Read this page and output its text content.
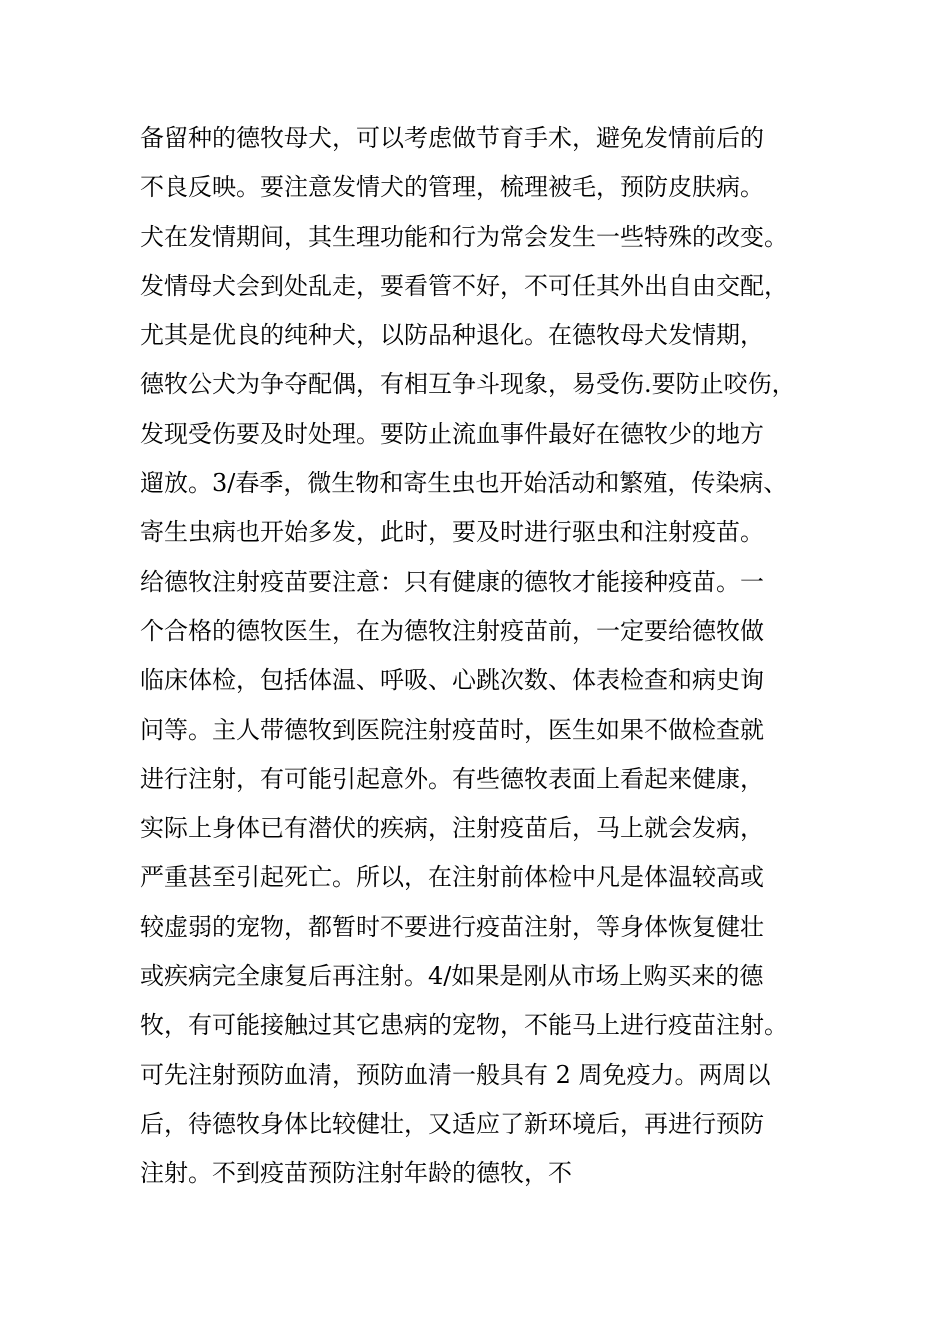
备留种的德牧母犬，可以考虑做节育手术，避免发情前后的
不良反映。要注意发情犬的管理，梳理被毛，预防皮肤病。
犬在发情期间，其生理功能和行为常会发生一些特殊的改变。
发情母犬会到处乱走，要看管不好，不可任其外出自由交配，
尤其是优良的纯种犬，以防品种退化。在德牧母犬发情期，
德牧公犬为争夺配偶，有相互争斗现象，易受伤.要防止咬伤，
发现受伤要及时处理。要防止流血事件最好在德牧少的地方
遛放。3/春季，微生物和寄生虫也开始活动和繁殖，传染病、
寄生虫病也开始多发，此时，要及时进行驱虫和注射疫苗。
给德牧注射疫苗要注意：只有健康的德牧才能接种疫苗。一
个合格的德牧医生，在为德牧注射疫苗前，一定要给德牧做
临床体检，包括体温、呼吸、心跳次数、体表检查和病史询
问等。主人带德牧到医院注射疫苗时，医生如果不做检查就
进行注射，有可能引起意外。有些德牧表面上看起来健康，
实际上身体已有潜伏的疾病，注射疫苗后，马上就会发病，
严重甚至引起死亡。所以，在注射前体检中凡是体温较高或
较虚弱的宠物，都暂时不要进行疫苗注射，等身体恢复健壮
或疾病完全康复后再注射。4/如果是刚从市场上购买来的德
牧，有可能接触过其它患病的宠物，不能马上进行疫苗注射。
可先注射预防血清，预防血清一般具有 2 周免疫力。两周以
后，待德牧身体比较健壮，又适应了新环境后，再进行预防
注射。不到疫苗预防注射年龄的德牧，不
